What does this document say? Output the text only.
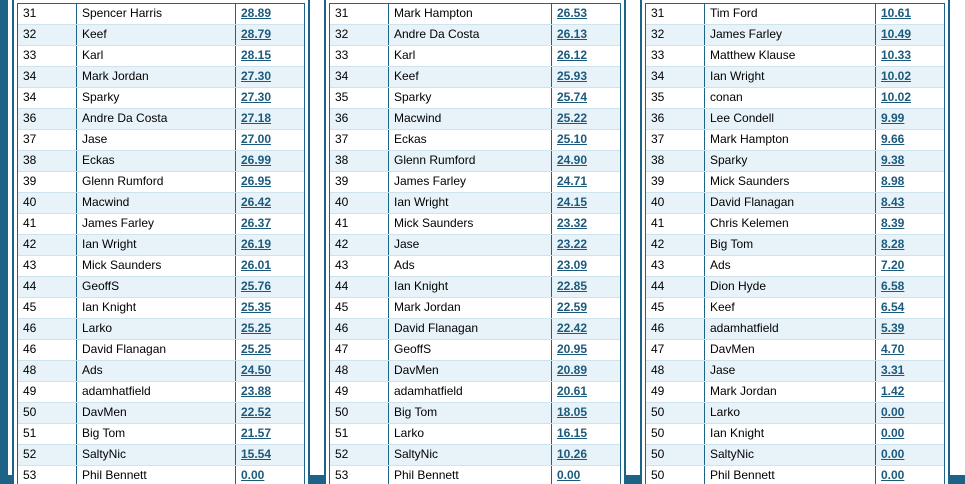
31	Spencer Harris	28.89
32	Keef	28.79
33	Karl	28.15
34	Mark Jordan	27.30
34	Sparky	27.30
36	Andre Da Costa	27.18
37	Jase	27.00
38	Eckas	26.99
39	Glenn Rumford	26.95
40	Macwind	26.42
41	James Farley	26.37
42	Ian Wright	26.19
43	Mick Saunders	26.01
44	GeoffS	25.76
45	Ian Knight	25.35
46	Larko	25.25
46	David Flanagan	25.25
48	Ads	24.50
49	adamhatfield	23.88
50	DavMen	22.52
51	Big Tom	21.57
52	SaltyNic	15.54
53	Phil Bennett	0.00
31	Mark Hampton	26.53
32	Andre Da Costa	26.13
33	Karl	26.12
34	Keef	25.93
35	Sparky	25.74
36	Macwind	25.22
37	Eckas	25.10
38	Glenn Rumford	24.90
39	James Farley	24.71
40	Ian Wright	24.15
41	Mick Saunders	23.32
42	Jase	23.22
43	Ads	23.09
44	Ian Knight	22.85
45	Mark Jordan	22.59
46	David Flanagan	22.42
47	GeoffS	20.95
48	DavMen	20.89
49	adamhatfield	20.61
50	Big Tom	18.05
51	Larko	16.15
52	SaltyNic	10.26
53	Phil Bennett	0.00
31	Tim Ford	10.61
32	James Farley	10.49
33	Matthew Klause	10.33
34	Ian Wright	10.02
35	conan	10.02
36	Lee Condell	9.99
37	Mark Hampton	9.66
38	Sparky	9.38
39	Mick Saunders	8.98
40	David Flanagan	8.43
41	Chris Kelemen	8.39
42	Big Tom	8.28
43	Ads	7.20
44	Dion Hyde	6.58
45	Keef	6.54
46	adamhatfield	5.39
47	DavMen	4.70
48	Jase	3.31
49	Mark Jordan	1.42
50	Larko	0.00
50	Ian Knight	0.00
50	SaltyNic	0.00
50	Phil Bennett	0.00
